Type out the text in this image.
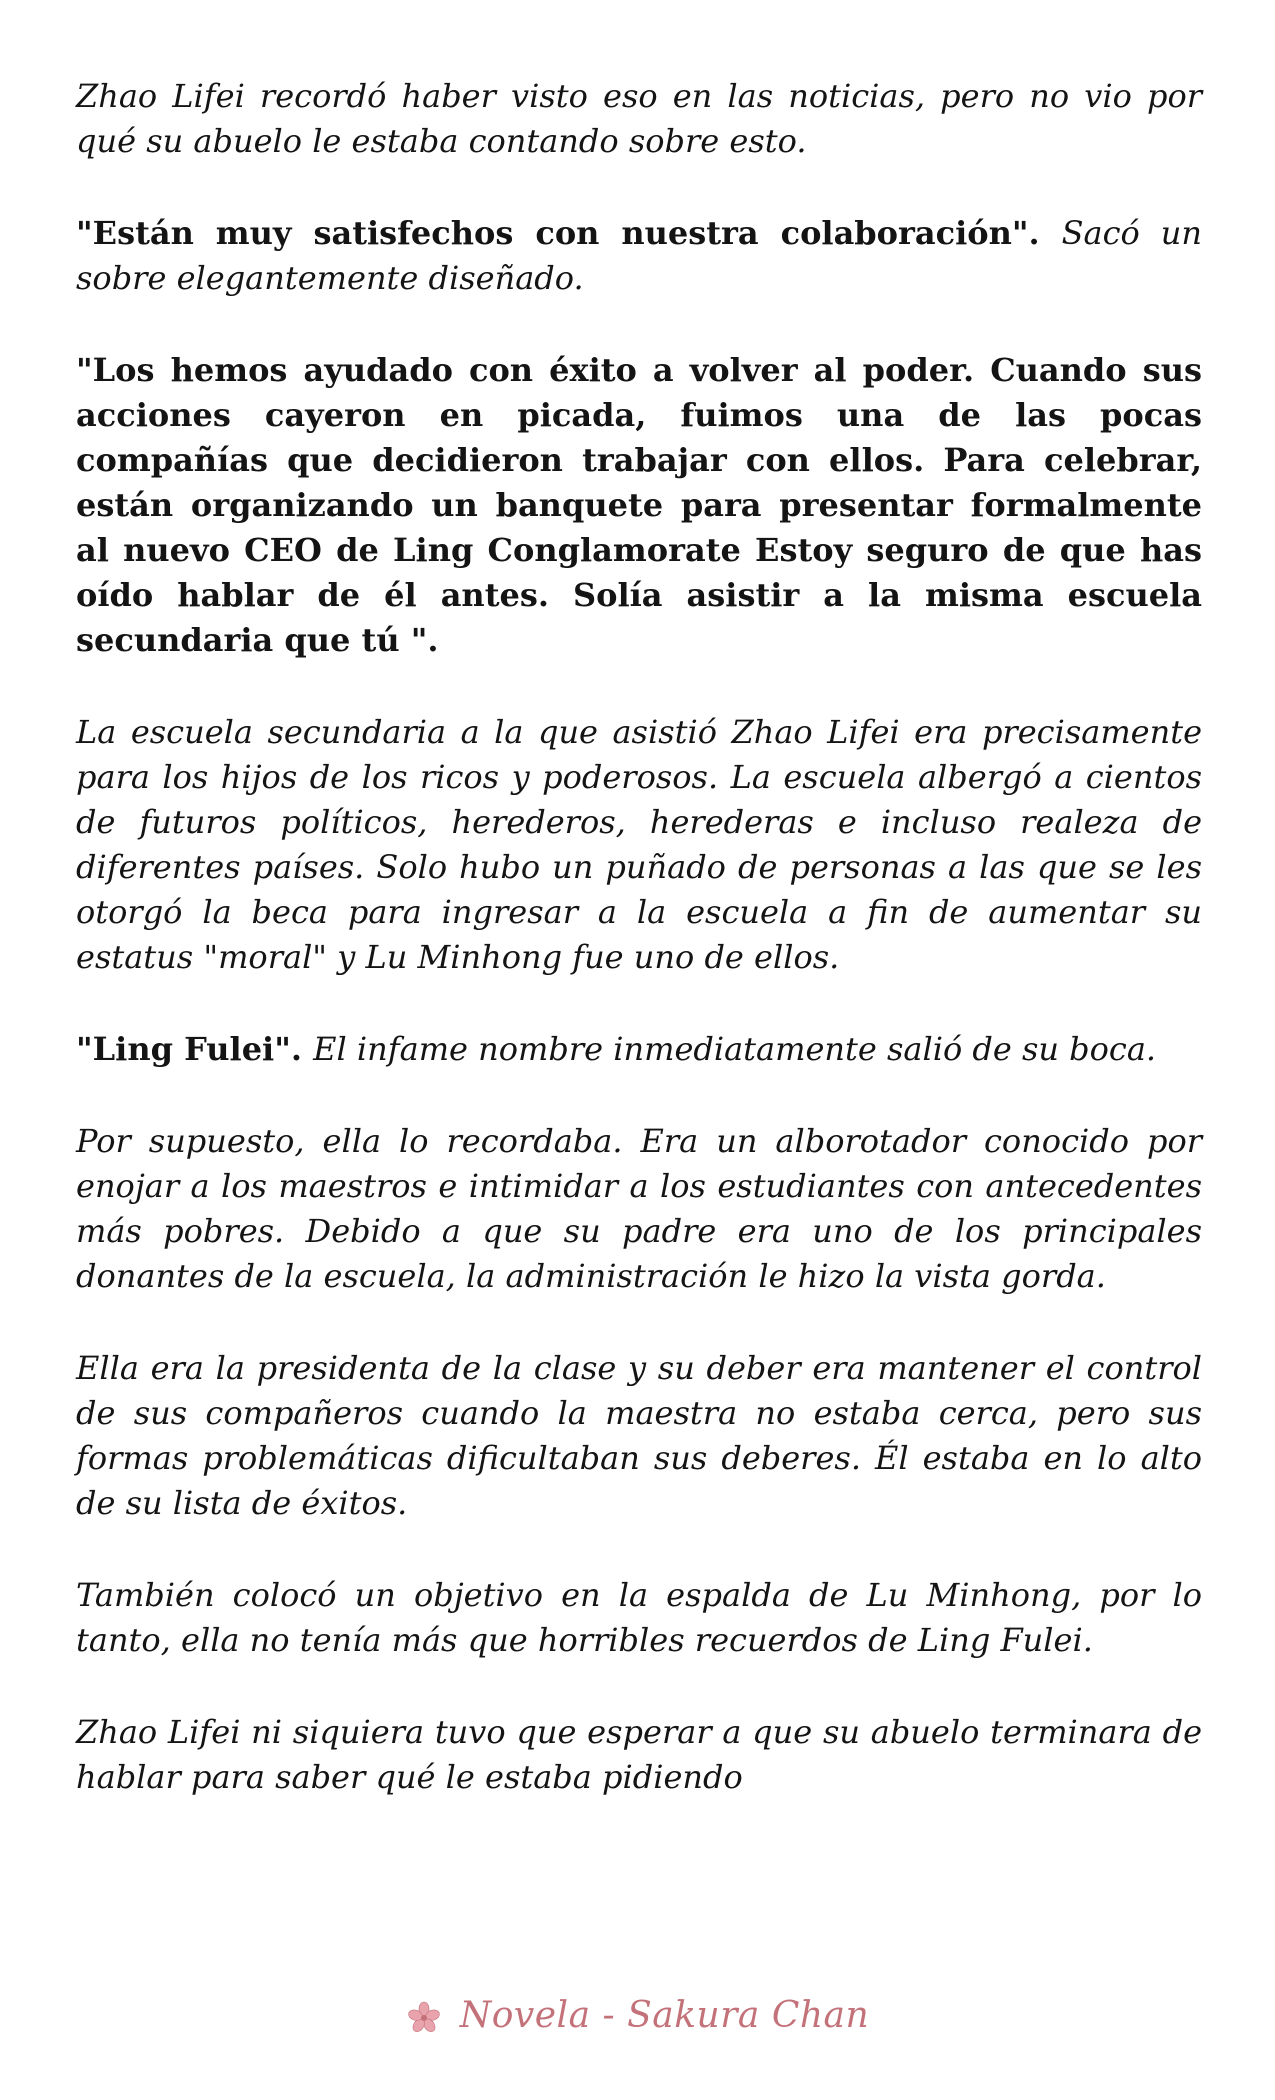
Zhao Lifei recordó haber visto eso en las noticias, pero no vio por qué su abuelo le estaba contando sobre esto.

"Están muy satisfechos con nuestra colaboración". Sacó un sobre elegantemente diseñado.

"Los hemos ayudado con éxito a volver al poder. Cuando sus acciones cayeron en picada, fuimos una de las pocas compañías que decidieron trabajar con ellos. Para celebrar, están organizando un banquete para presentar formalmente al nuevo CEO de Ling Conglamorate Estoy seguro de que has oído hablar de él antes. Solía asistir a la misma escuela secundaria que tú ".

La escuela secundaria a la que asistió Zhao Lifei era precisamente para los hijos de los ricos y poderosos. La escuela albergó a cientos de futuros políticos, herederos, herederas e incluso realeza de diferentes países. Solo hubo un puñado de personas a las que se les otorgó la beca para ingresar a la escuela a fin de aumentar su estatus "moral" y Lu Minhong fue uno de ellos.

"Ling Fulei". El infame nombre inmediatamente salió de su boca.

Por supuesto, ella lo recordaba. Era un alborotador conocido por enojar a los maestros e intimidar a los estudiantes con antecedentes más pobres. Debido a que su padre era uno de los principales donantes de la escuela, la administración le hizo la vista gorda.

Ella era la presidenta de la clase y su deber era mantener el control de sus compañeros cuando la maestra no estaba cerca, pero sus formas problemáticas dificultaban sus deberes. Él estaba en lo alto de su lista de éxitos.

También colocó un objetivo en la espalda de Lu Minhong, por lo tanto, ella no tenía más que horribles recuerdos de Ling Fulei.

Zhao Lifei ni siquiera tuvo que esperar a que su abuelo terminara de hablar para saber qué le estaba pidiendo

Novela - Sakura Chan
